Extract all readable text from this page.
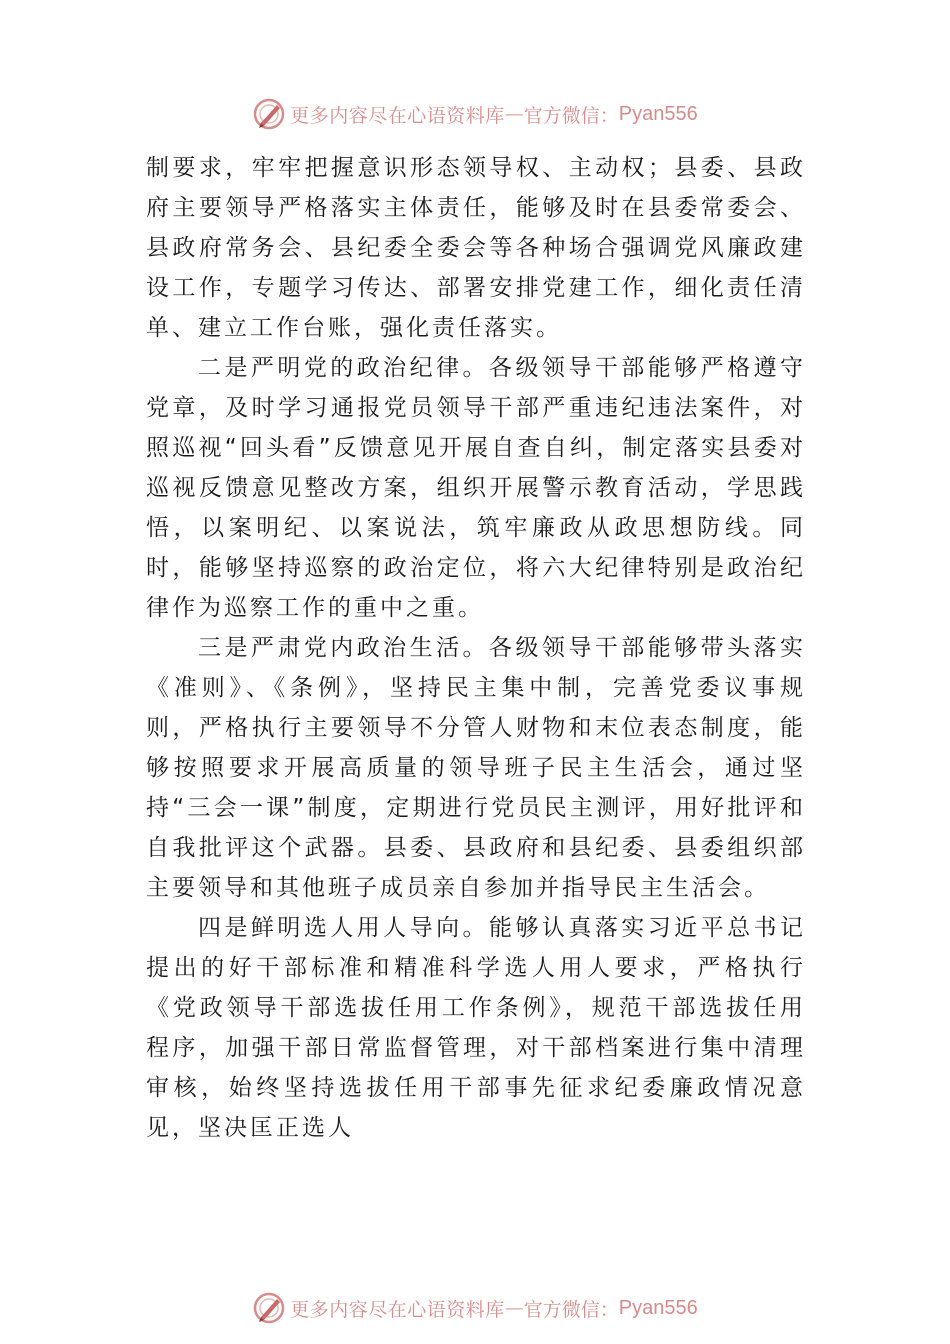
更多内容尽在心语资料库 — 官方微信： Pyan556

制要求，牢牢把握意识形态领导权、主动权；县委、县政府主要领导严格落实主体责任，能够及时在县委常委会、县政府常务会、县纪委全委会等各种场合强调党风廉政建设工作，专题学习传达、部署安排党建工作，细化责任清单、建立工作台账，强化责任落实。

二是严明党的政治纪律。各级领导干部能够严格遵守党章，及时学习通报党员领导干部严重违纪违法案件，对照巡视“回头看”反馈意见开展自查自纠，制定落实县委对巡视反馈意见整改方案，组织开展警示教育活动，学思践悟，以案明纪、以案说法，筑牢廉政从政思想防线。同时，能够坚持巡察的政治定位，将六大纪律特别是政治纪律作为巡察工作的重中之重。

三是严肃党内政治生活。各级领导干部能够带头落实《准则》、《条例》，坚持民主集中制，完善党委议事规则，严格执行主要领导不分管人财物和末位表态制度，能够按照要求开展高质量的领导班子民主生活会，通过坚持“三会一课”制度，定期进行党员民主测评，用好批评和自我批评这个武器。县委、县政府和县纪委、县委组织部主要领导和其他班子成员亲自参加并指导民主生活会。

四是鲜明选人用人导向。能够认真落实习近平总书记提出的好干部标准和精准科学选人用人要求，严格执行《党政领导干部选拔任用工作条例》，规范干部选拔任用程序，加强干部日常监督管理，对干部档案进行集中清理审核，始终坚持选拔任用干部事先征求纪委廉政情况意见，坚决匡正选人

更多内容尽在心语资料库 — 官方微信： Pyan556
